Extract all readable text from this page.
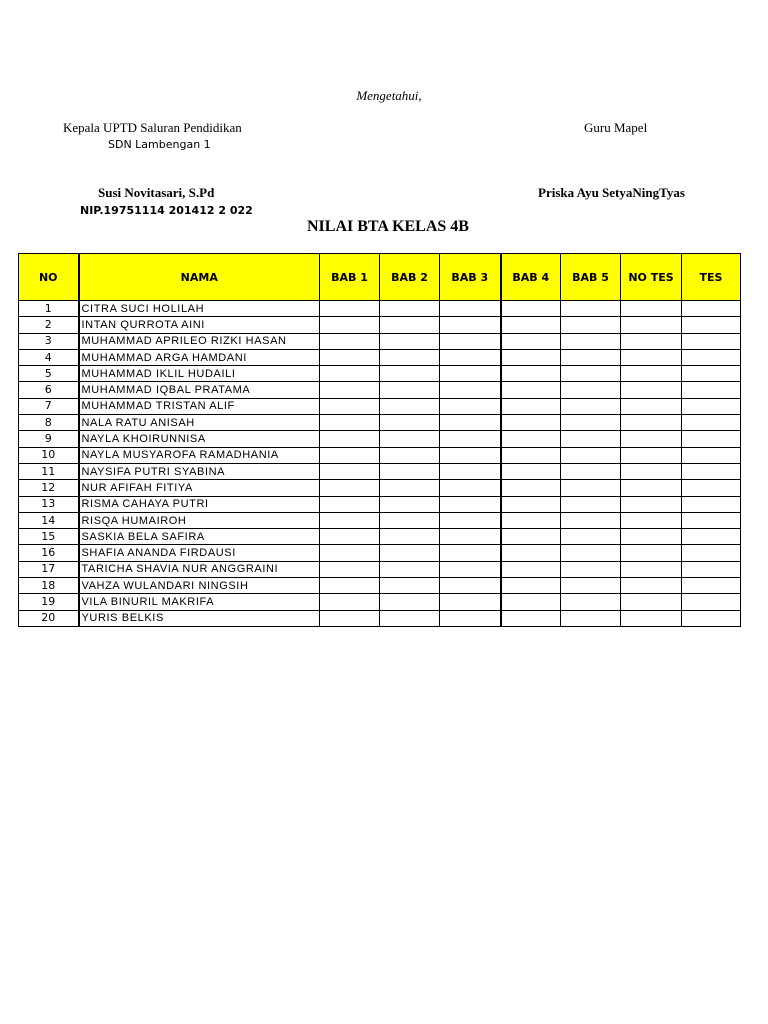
Mengetahui,
Kepala UPTD Saluran Pendidikan	Guru Mapel
SDN Lambengan 1
Susi Novitasari, S.Pd	Priska Ayu SetyaNingTyas
NIP.19751114 201412 2 022
NILAI BTA KELAS 4B
NO	NAMA	BAB 1	BAB 2	BAB 3	BAB 4	BAB 5	NO TES	TES
1	CITRA SUCI HOLILAH							
2	INTAN QURROTA AINI							
3	MUHAMMAD APRILEO RIZKI HASAN							
4	MUHAMMAD ARGA HAMDANI							
5	MUHAMMAD IKLIL HUDAILI							
6	MUHAMMAD IQBAL PRATAMA							
7	MUHAMMAD TRISTAN ALIF							
8	NALA RATU ANISAH							
9	NAYLA KHOIRUNNISA							
10	NAYLA MUSYAROFA RAMADHANIA							
11	NAYSIFA PUTRI SYABINA							
12	NUR AFIFAH FITIYA							
13	RISMA CAHAYA PUTRI							
14	RISQA HUMAIROH							
15	SASKIA BELA SAFIRA							
16	SHAFIA ANANDA FIRDAUSI							
17	TARICHA SHAVIA NUR ANGGRAINI							
18	VAHZA WULANDARI NINGSIH							
19	VILA BINURIL MAKRIFA							
20	YURIS BELKIS							
